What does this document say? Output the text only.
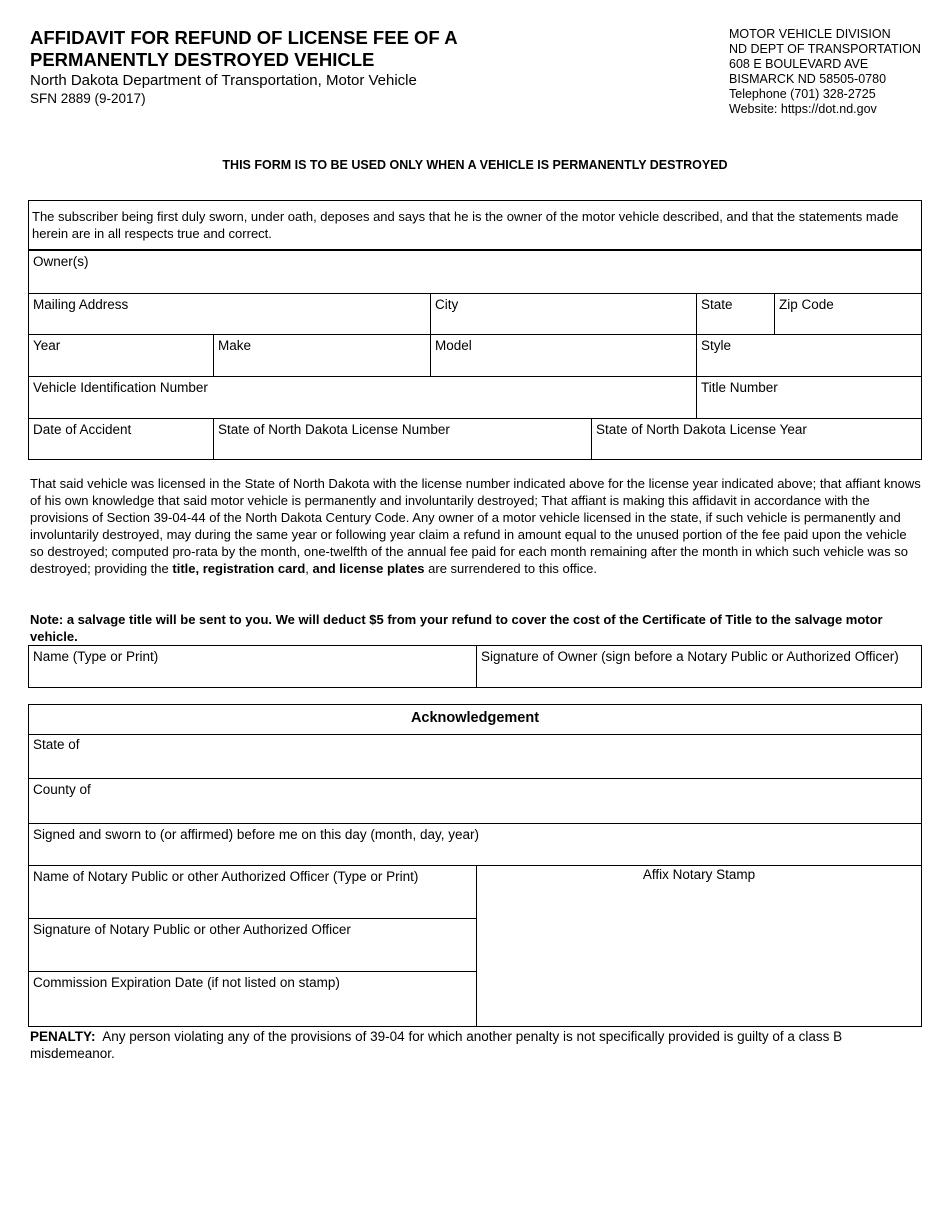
AFFIDAVIT FOR REFUND OF LICENSE FEE OF A
PERMANENTLY DESTROYED VEHICLE
North Dakota Department of Transportation, Motor Vehicle
SFN 2889 (9-2017)
MOTOR VEHICLE DIVISION
ND DEPT OF TRANSPORTATION
608 E BOULEVARD AVE
BISMARCK ND 58505-0780
Telephone (701) 328-2725
Website: https://dot.nd.gov
THIS FORM IS TO BE USED ONLY WHEN A VEHICLE IS PERMANENTLY DESTROYED
The subscriber being first duly sworn, under oath, deposes and says that he is the owner of the motor vehicle described, and that the statements made herein are in all respects true and correct.
Owner(s)
Mailing Address	City	State	Zip Code
Year	Make	Model	Style
Vehicle Identification Number	Title Number
Date of Accident	State of North Dakota License Number	State of North Dakota License Year
That said vehicle was licensed in the State of North Dakota with the license number indicated above for the license year indicated above; that affiant knows of his own knowledge that said motor vehicle is permanently and involuntarily destroyed; That affiant is making this affidavit in accordance with the provisions of Section 39-04-44 of the North Dakota Century Code. Any owner of a motor vehicle licensed in the state, if such vehicle is permanently and involuntarily destroyed, may during the same year or following year claim a refund in amount equal to the unused portion of the fee paid upon the vehicle so destroyed; computed pro-rata by the month, one-twelfth of the annual fee paid for each month remaining after the month in which such vehicle was so destroyed; providing the title, registration card, and license plates are surrendered to this office.
Note: a salvage title will be sent to you. We will deduct $5 from your refund to cover the cost of the Certificate of Title to the salvage motor vehicle.
Name (Type or Print)	Signature of Owner (sign before a Notary Public or Authorized Officer)
Acknowledgement
State of
County of
Signed and sworn to (or affirmed) before me on this day (month, day, year)
Name of Notary Public or other Authorized Officer (Type or Print)
Signature of Notary Public or other Authorized Officer
Commission Expiration Date (if not listed on stamp)
Affix Notary Stamp
PENALTY:  Any person violating any of the provisions of 39-04 for which another penalty is not specifically provided is guilty of a class B misdemeanor.
